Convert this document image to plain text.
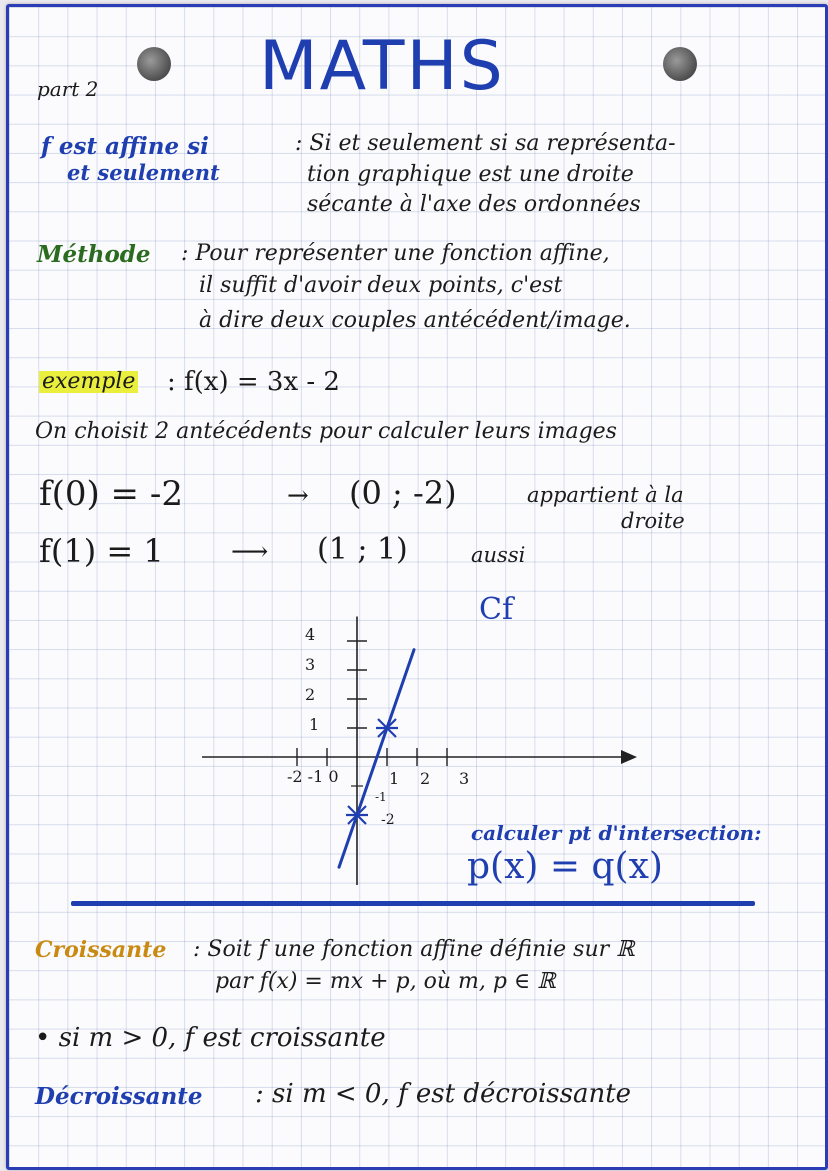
part 2 MATHS
f est affine si
et seulement
: Si et seulement si sa représenta-
tion graphique est une droite
sécante à l'axe des ordonnées
Méthode : Pour représenter une fonction affine,
il suffit d'avoir deux points, c'est
à dire deux couples antécédent/image.
exemple : f(x) = 3x - 2
On choisit 2 antécédents pour calculer leurs images
f(0) = -2	→ (0 ; -2)	appartient à la
droite
f(1) = 1	⟶ (1 ; 1)	aussi
Cf
4
3
2
1
-2 -1 0	1 2 3
-1
-2
calculer pt d'intersection:
p(x) = q(x)
Croissante : Soit f une fonction affine définie sur ℝ
par f(x) = mx + p, où m, p ∈ ℝ
• si m > 0, f est croissante
Décroissante : si m < 0, f est décroissante
